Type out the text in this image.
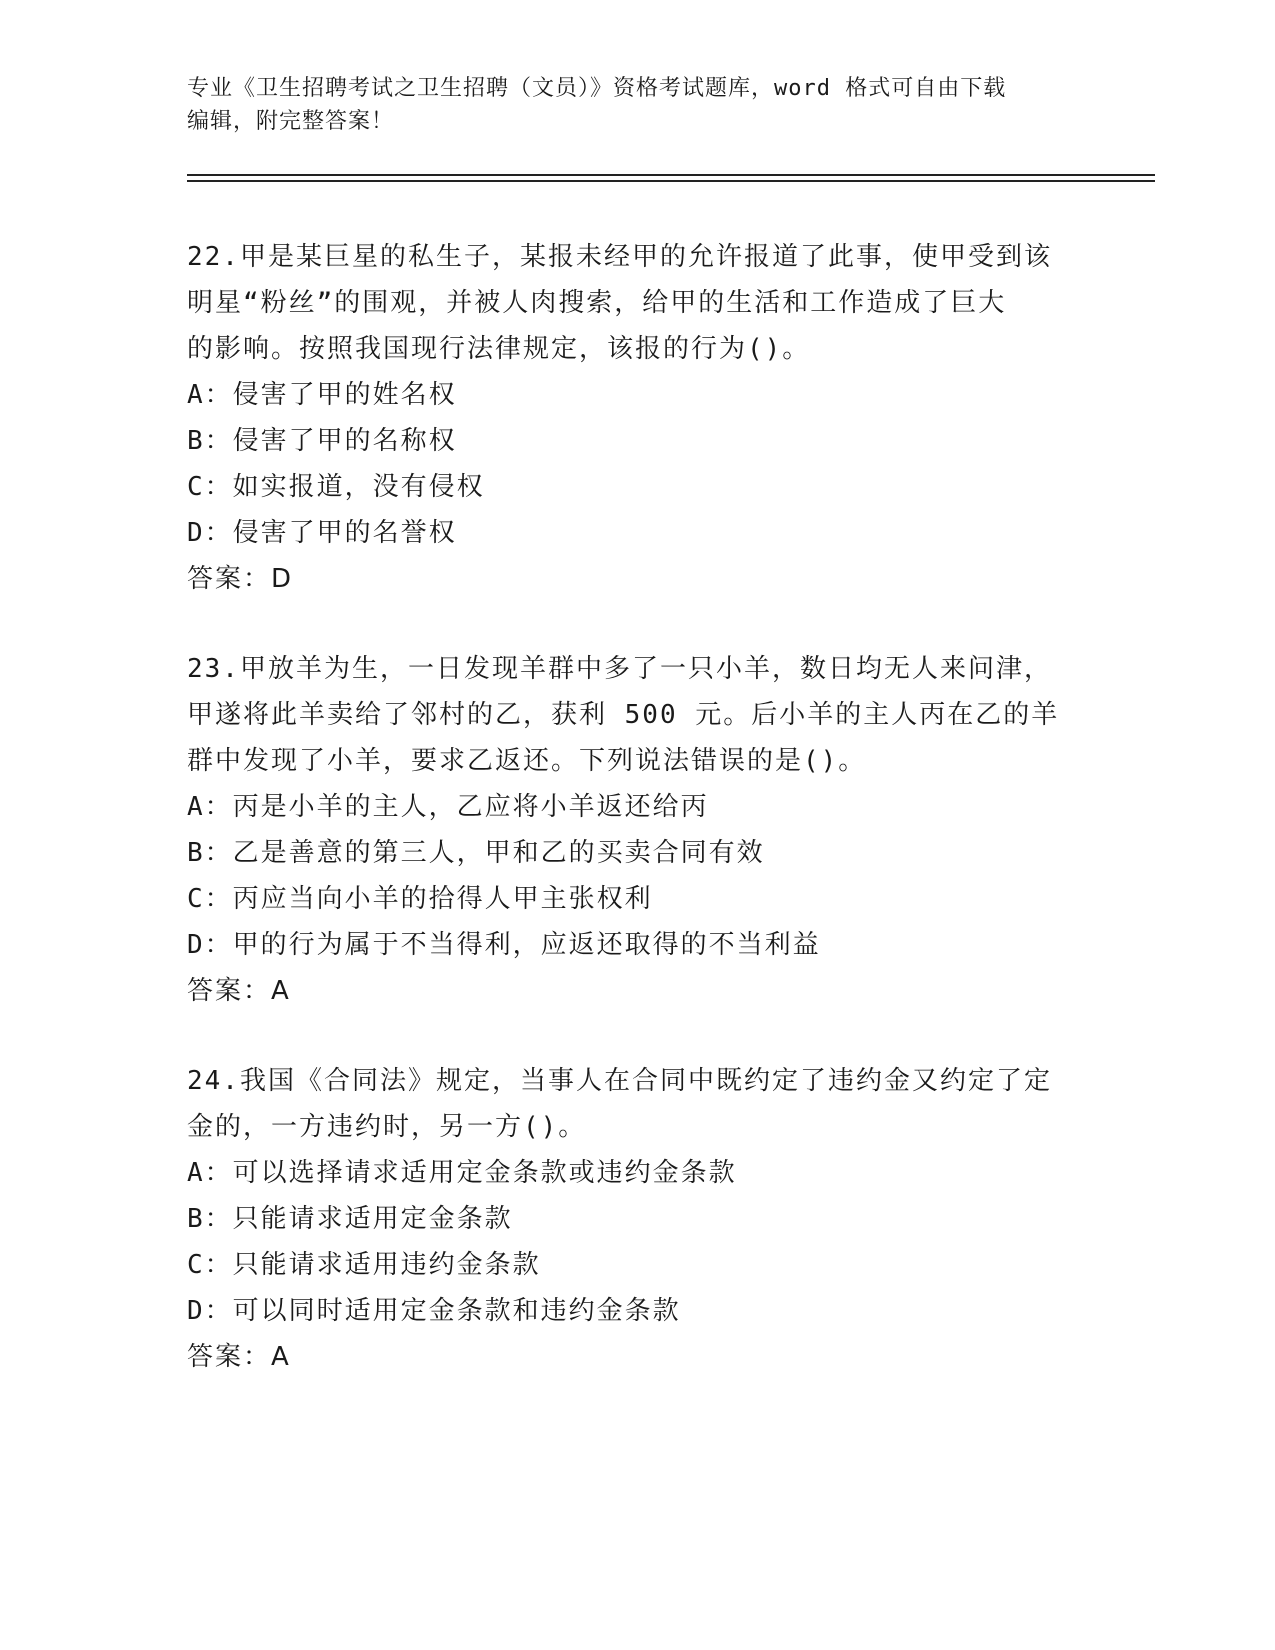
专业《卫生招聘考试之卫生招聘（文员）》资格考试题库，word 格式可自由下载
编辑，附完整答案！

22.甲是某巨星的私生子，某报未经甲的允许报道了此事，使甲受到该

明星“粉丝”的围观，并被人肉搜索，给甲的生活和工作造成了巨大

的影响。按照我国现行法律规定，该报的行为()。

A：侵害了甲的姓名权

B：侵害了甲的名称权

C：如实报道，没有侵权

D：侵害了甲的名誉权

答案：D

23.甲放羊为生，一日发现羊群中多了一只小羊，数日均无人来问津，

甲遂将此羊卖给了邻村的乙，获利 500 元。后小羊的主人丙在乙的羊

群中发现了小羊，要求乙返还。下列说法错误的是()。

A：丙是小羊的主人，乙应将小羊返还给丙

B：乙是善意的第三人，甲和乙的买卖合同有效

C：丙应当向小羊的拾得人甲主张权利

D：甲的行为属于不当得利，应返还取得的不当利益

答案：A

24.我国《合同法》规定，当事人在合同中既约定了违约金又约定了定

金的，一方违约时，另一方()。

A：可以选择请求适用定金条款或违约金条款

B：只能请求适用定金条款

C：只能请求适用违约金条款

D：可以同时适用定金条款和违约金条款

答案：A
